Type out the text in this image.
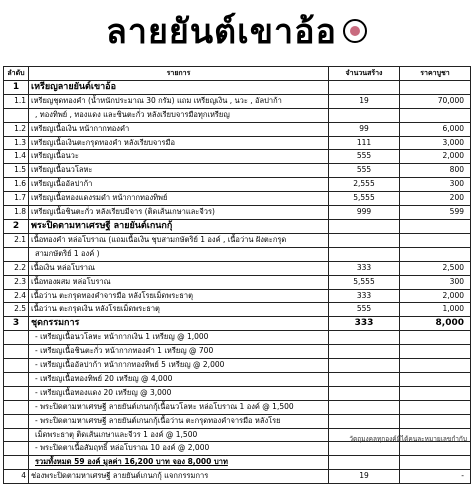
ลายยันต์เขาอ้อ
ลำดับ	รายการ	จำนวนสร้าง	ราคาบูชา
1	เหรียญลายยันต์เขาอ้อ		
1.1	เหรียญชุดทองคำ (น้ำหนักประมาณ 30 กรัม) แถม เหรียญเงิน , นวะ , อัลปาก้า	19	70,000
	, ทองทิพย์ , ทองแดง และซินตะกั่ว หลังเรียบจารมือทุกเหรียญ		
1.2	เหรียญเนื้อเงิน หน้ากากทองคำ	99	6,000
1.3	เหรียญเนื้อเงินตะกรุดทองคำ หลังเรียบจารมือ	111	3,000
1.4	เหรียญเนื้อนวะ	555	2,000
1.5	เหรียญเนื้อนวโลหะ	555	800
1.6	เหรียญเนื้ออัลปาก้า	2,555	300
1.7	เหรียญเนื้อทองแดงรมดำ หน้ากากทองทิพย์	5,555	200
1.8	เหรียญเนื้อชินตะกั่ว หลังเรียบมีจาร (ติดเส้นเกษาและจีวร)	999	599
2	พระปิดตามหาเศรษฐี ลายยันต์เกนกกุ้		
2.1	เนื้อทองคำ หล่อโบราณ (แถมเนื้อเงิน ชุบสามกษัตริย์ 1 องค์ , เนื้อว่าน ฝังตะกรุด		
	สามกษัตริย์ 1 องค์ )		
2.2	เนื้อเงิน หล่อโบราณ	333	2,500
2.3	เนื้อทองผสม หล่อโบราณ	5,555	300
2.4	เนื้อว่าน ตะกรุดทองคำจารมือ หลังโรยเม็ดพระธาตุ	333	2,000
2.5	เนื้อว่าน ตะกรุดเงิน หลังโรยเม็ดพระธาตุ	555	1,000
3	ชุดกรรมการ	333	8,000
	- เหรียญเนื้อนวโลหะ หน้ากากเงิน 1 เหรียญ @ 1,000		
	- เหรียญเนื้อชินตะกั่ว หน้ากากทองคำ 1 เหรียญ @ 700		
	- เหรียญเนื้ออัลปาก้า หน้ากากทองทิพย์ 5 เหรียญ @ 2,000		
	- เหรียญเนื้อทองทิพย์ 20 เหรียญ @ 4,000		
	- เหรียญเนื้อทองแดง 20 เหรียญ @ 3,000		
	- พระปิดตามหาเศรษฐี ลายยันต์เกนกกุ้เนื้อนวโลหะ หล่อโบราณ 1 องค์ @ 1,500		
	- พระปิดตามหาเศรษฐี ลายยันต์เกนกกุ้เนื้อว่าน ตะกรุดทองคำจารมือ หลังโรย		
	เม็ดพระธาตุ ติดเส้นเกษาและจีวร 1 องค์ @ 1,500		
	- พระปิดตาเนื้อสัมฤทธิ์ หล่อโบราณ 10 องค์ @ 2,000		
	รวมทั้งหมด 59 องค์ มูลค่า 16,200 บาท จอง 8,000 บาท		
4	ช่องพระปิดตามหาเศรษฐี ลายยันต์เกนกกุ้ แจกกรรมการ	19	-
วัตถุมงคลทุกองค์มีได้คนละหมายเลขกำกับ
